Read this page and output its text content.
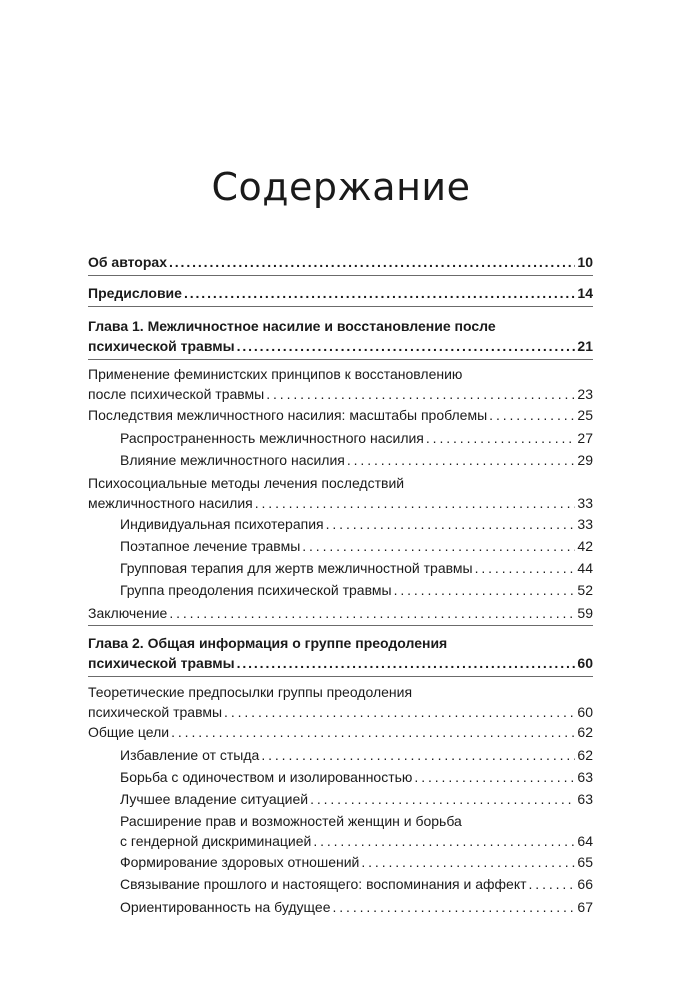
Содержание
Об авторах . . .	10
Предисловие . . .	14
Глава 1. Межличностное насилие и восстановление после
психической травмы . . .	21
Применение феминистских принципов к восстановлению
после психической травмы . . .	23
Последствия межличностного насилия: масштабы проблемы . . .	25
Распространенность межличностного насилия . . .	27
Влияние межличностного насилия . . .	29
Психосоциальные методы лечения последствий
межличностного насилия . . .	33
Индивидуальная психотерапия . . .	33
Поэтапное лечение травмы . . .	42
Групповая терапия для жертв межличностной травмы . . .	44
Группа преодоления психической травмы . . .	52
Заключение . . .	59
Глава 2. Общая информация о группе преодоления
психической травмы . . .	60
Теоретические предпосылки группы преодоления
психической травмы . . .	60
Общие цели . . .	62
Избавление от стыда . . .	62
Борьба с одиночеством и изолированностью . . .	63
Лучшее владение ситуацией . . .	63
Расширение прав и возможностей женщин и борьба
с гендерной дискриминацией . . .	64
Формирование здоровых отношений . . .	65
Связывание прошлого и настоящего: воспоминания и аффект . . .	66
Ориентированность на будущее . . .	67
